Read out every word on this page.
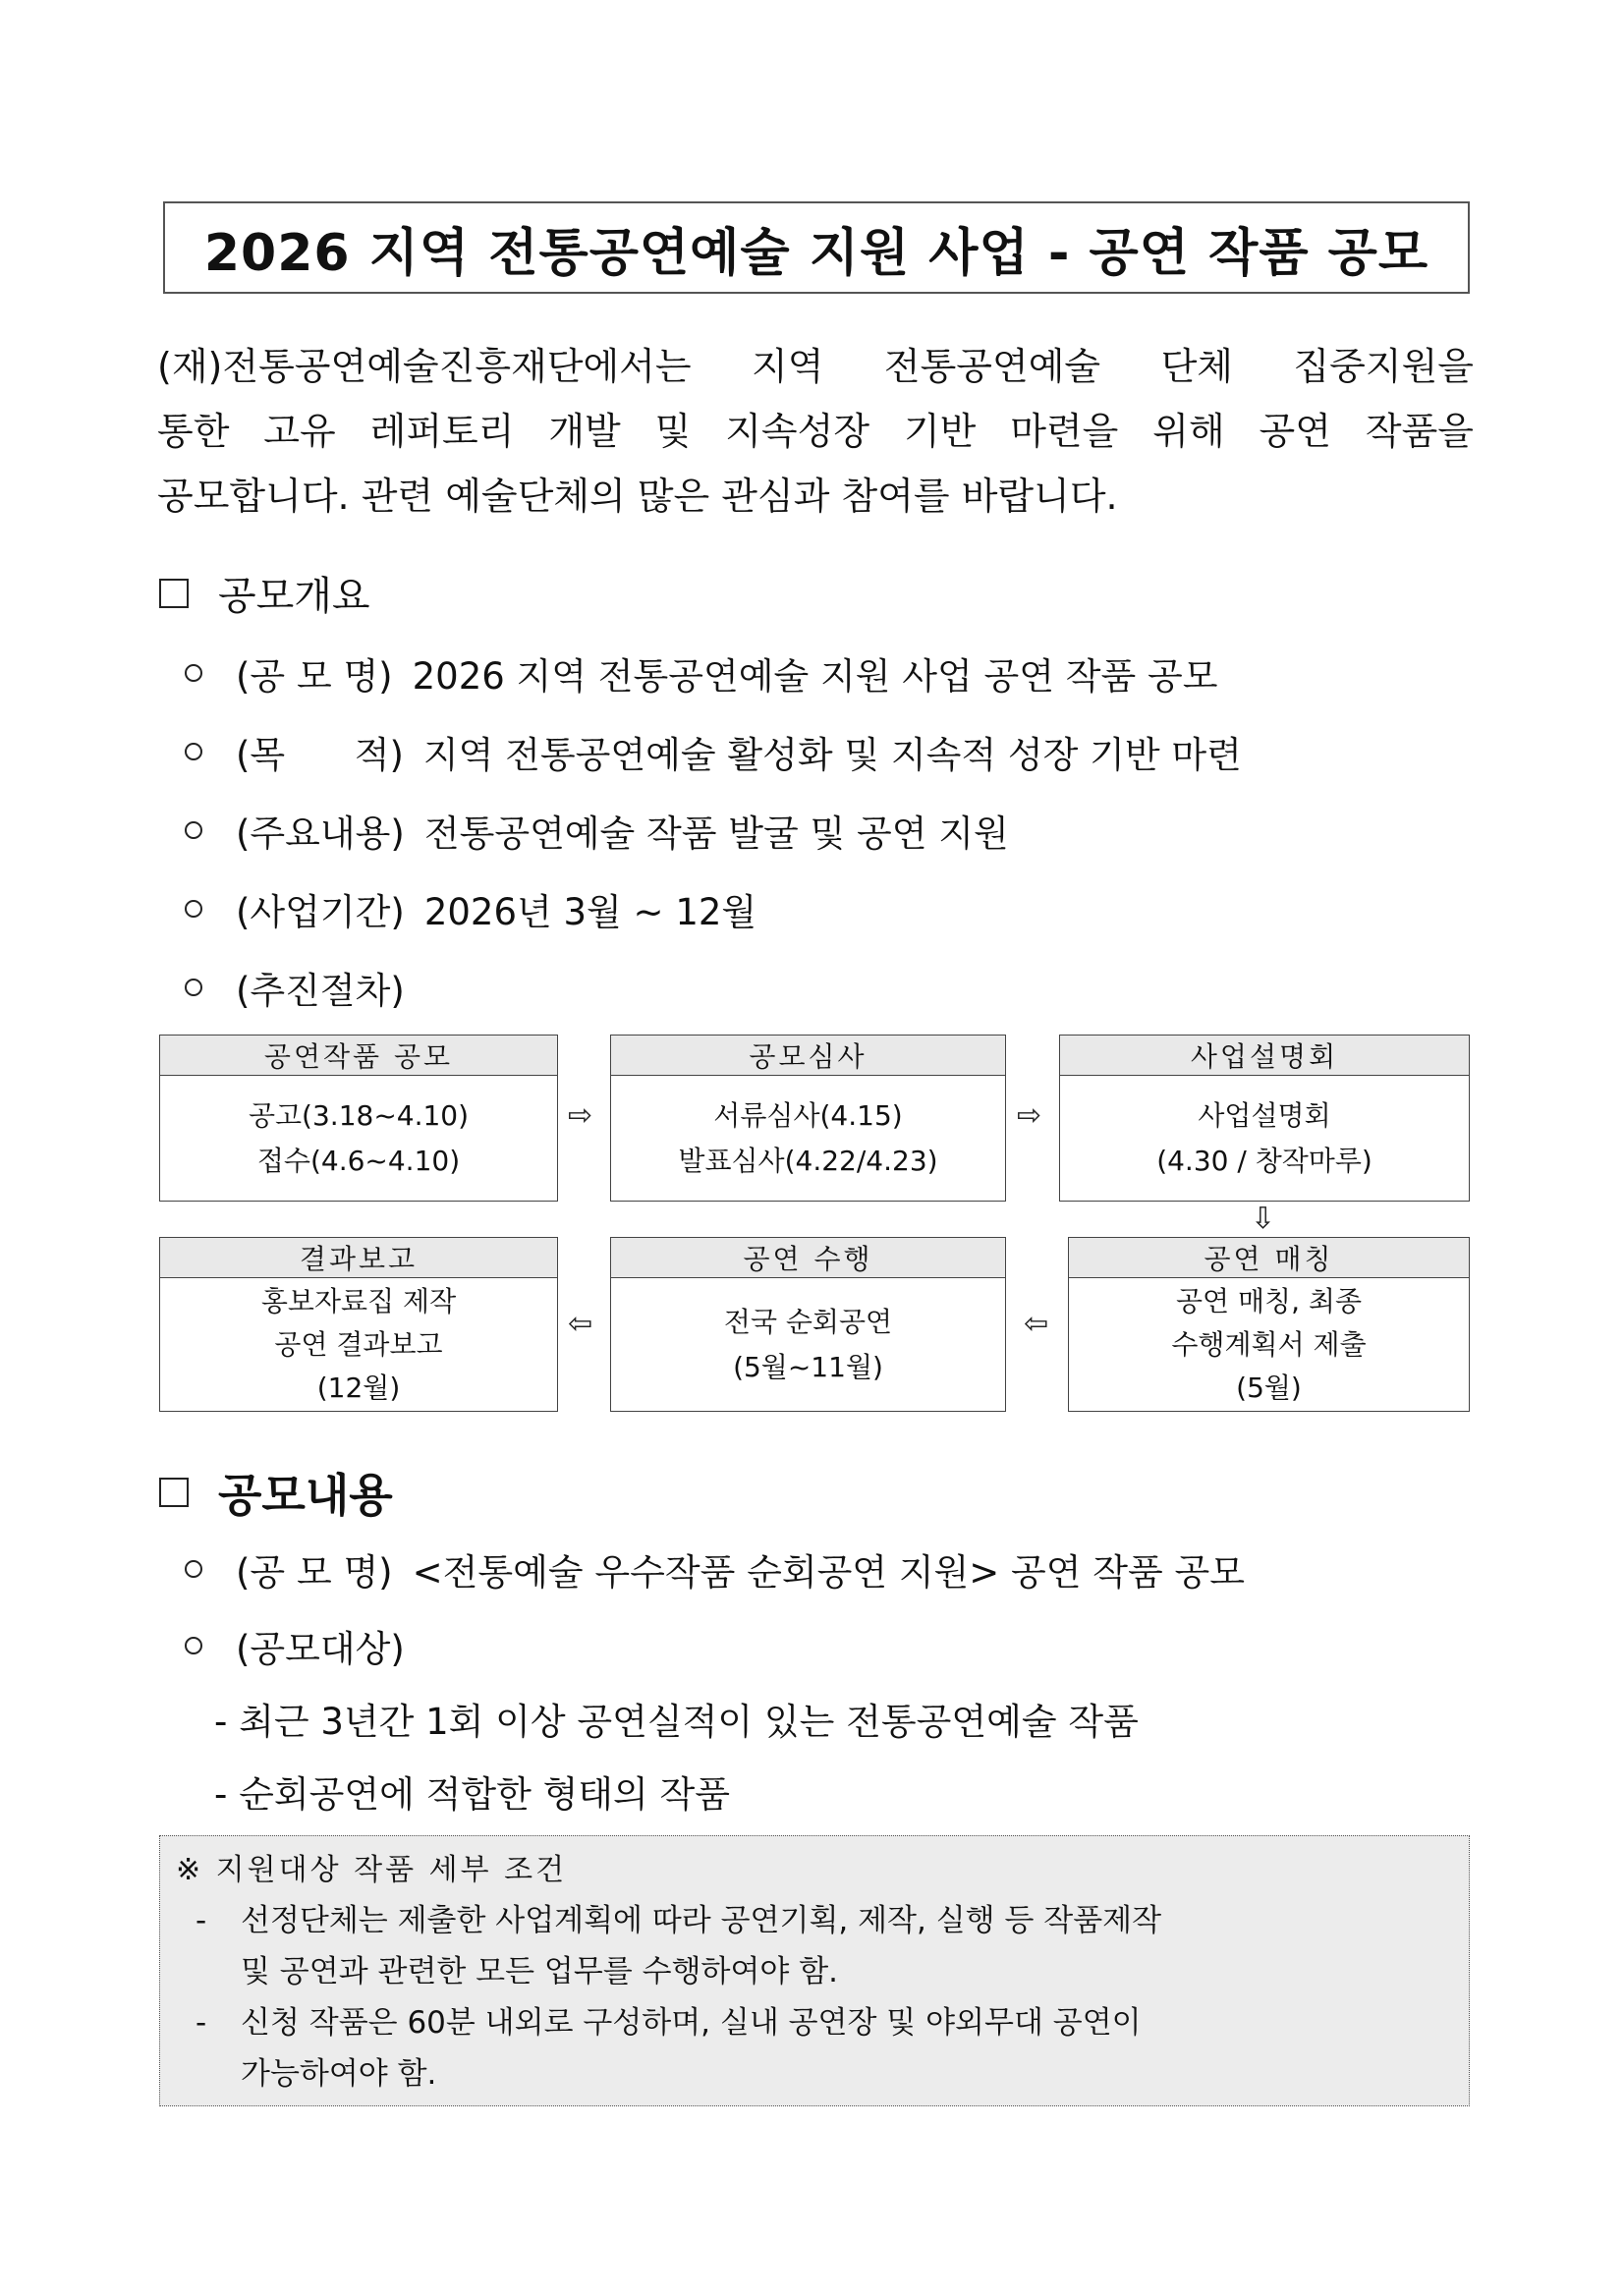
2026 지역 전통공연예술 지원 사업 - 공연 작품 공모
(재)전통공연예술진흥재단에서는 지역 전통공연예술 단체 집중지원을
통한 고유 레퍼토리 개발 및 지속성장 기반 마련을 위해 공연 작품을
공모합니다. 관련 예술단체의 많은 관심과 참여를 바랍니다.
공모개요
(공 모 명) 2026 지역 전통공연예술 지원 사업 공연 작품 공모
(목      적) 지역 전통공연예술 활성화 및 지속적 성장 기반 마련
(주요내용) 전통공연예술 작품 발굴 및 공연 지원
(사업기간) 2026년 3월 ~ 12월
(추진절차)
공연작품 공모
공고(3.18~4.10)
접수(4.6~4.10)
⇨
공모심사
서류심사(4.15)
발표심사(4.22/4.23)
⇨
사업설명회
사업설명회
(4.30 / 창작마루)
⇩
결과보고
홍보자료집 제작
공연 결과보고
(12월)
⇦
공연 수행
전국 순회공연
(5월~11월)
⇦
공연 매칭
공연 매칭, 최종
수행계획서 제출
(5월)
공모내용
(공 모 명) <전통예술 우수작품 순회공연 지원> 공연 작품 공모
(공모대상)
- 최근 3년간 1회 이상 공연실적이 있는 전통공연예술 작품
- 순회공연에 적합한 형태의 작품
※ 지원대상 작품 세부 조건
- 선정단체는 제출한 사업계획에 따라 공연기획, 제작, 실행 등 작품제작
및 공연과 관련한 모든 업무를 수행하여야 함.
- 신청 작품은 60분 내외로 구성하며, 실내 공연장 및 야외무대 공연이
가능하여야 함.
